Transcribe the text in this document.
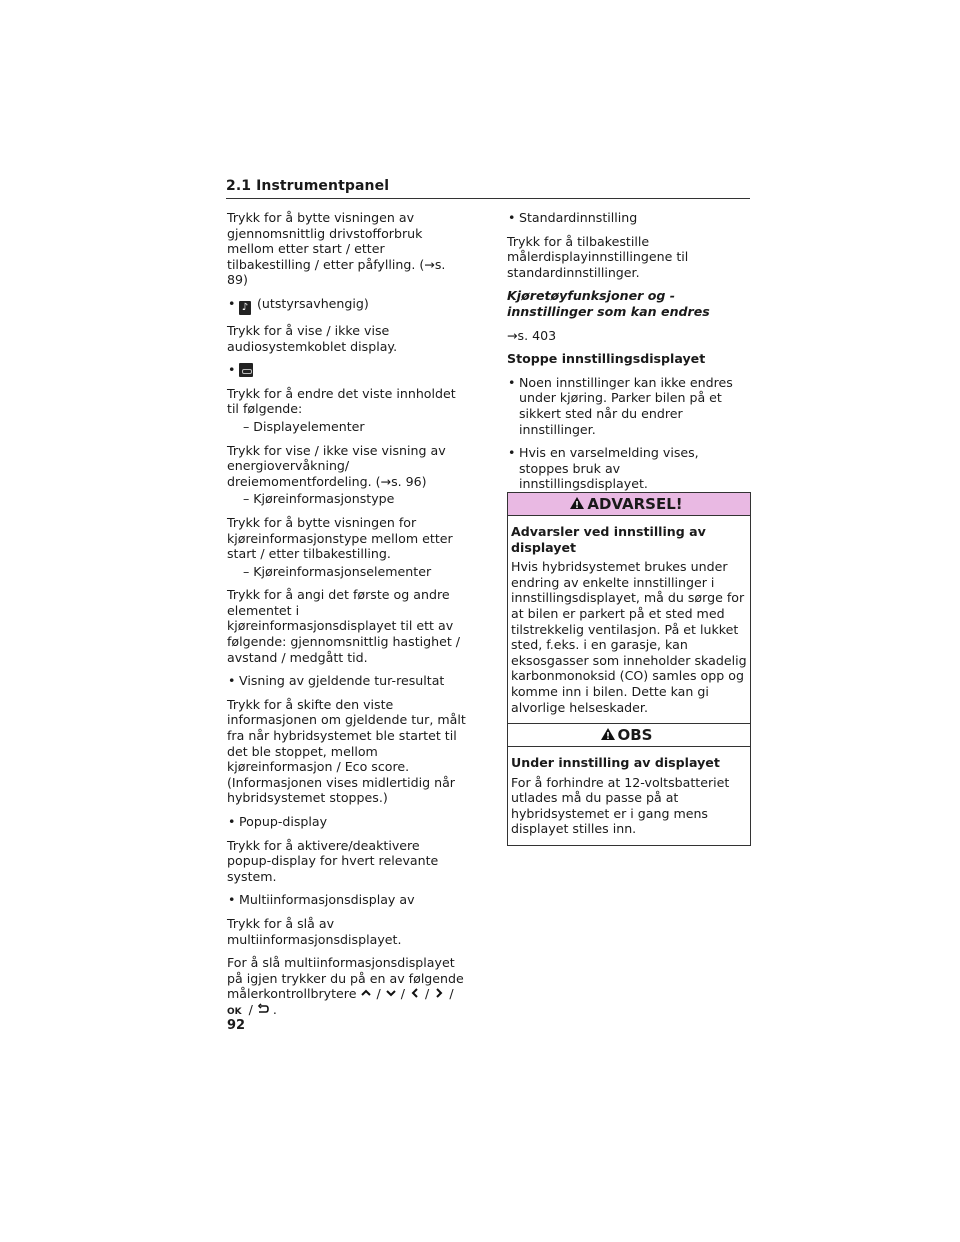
2.1 Instrumentpanel
Trykk for å bytte visningen av gjennomsnittlig drivstofforbruk mellom etter start / etter tilbakestilling / etter påfylling. (→s. 89)
• ♪ (utstyrsavhengig)
Trykk for å vise / ikke vise audiosystemkoblet display.
•
Trykk for å endre det viste innholdet til følgende:
– Displayelementer
Trykk for vise / ikke vise visning av energiovervåkning/ dreiemomentfordeling. (→s. 96)
– Kjøreinformasjonstype
Trykk for å bytte visningen for kjøreinformasjonstype mellom etter start / etter tilbakestilling.
– Kjøreinformasjonselementer
Trykk for å angi det første og andre elementet i kjøreinformasjonsdisplayet til ett av følgende: gjennomsnittlig hastighet / avstand / medgått tid.
• Visning av gjeldende tur-resultat
Trykk for å skifte den viste informasjonen om gjeldende tur, målt fra når hybridsystemet ble startet til det ble stoppet, mellom kjøreinformasjon / Eco score. (Informasjonen vises midlertidig når hybridsystemet stoppes.)
• Popup-display
Trykk for å aktivere/deaktivere popup-display for hvert relevante system.
• Multiinformasjonsdisplay av
Trykk for å slå av multiinformasjonsdisplayet.
For å slå multiinformasjonsdisplayet på igjen trykker du på en av følgende målerkontrollbrytere / / / /
OK / .
• Standardinnstilling
Trykk for å tilbakestille målerdisplayinnstillingene til standardinnstillinger.
Kjøretøyfunksjoner og -innstillinger som kan endres
→s. 403
Stoppe innstillingsdisplayet
• Noen innstillinger kan ikke endres under kjøring. Parker bilen på et sikkert sted når du endrer innstillinger.
• Hvis en varselmelding vises, stoppes bruk av innstillingsdisplayet.
ADVARSEL!
Advarsler ved innstilling av displayet
Hvis hybridsystemet brukes under endring av enkelte innstillinger i innstillingsdisplayet, må du sørge for at bilen er parkert på et sted med tilstrekkelig ventilasjon. På et lukket sted, f.eks. i en garasje, kan eksosgasser som inneholder skadelig karbonmonoksid (CO) samles opp og komme inn i bilen. Dette kan gi alvorlige helseskader.
OBS
Under innstilling av displayet
For å forhindre at 12-voltsbatteriet utlades må du passe på at hybridsystemet er i gang mens displayet stilles inn.
92
